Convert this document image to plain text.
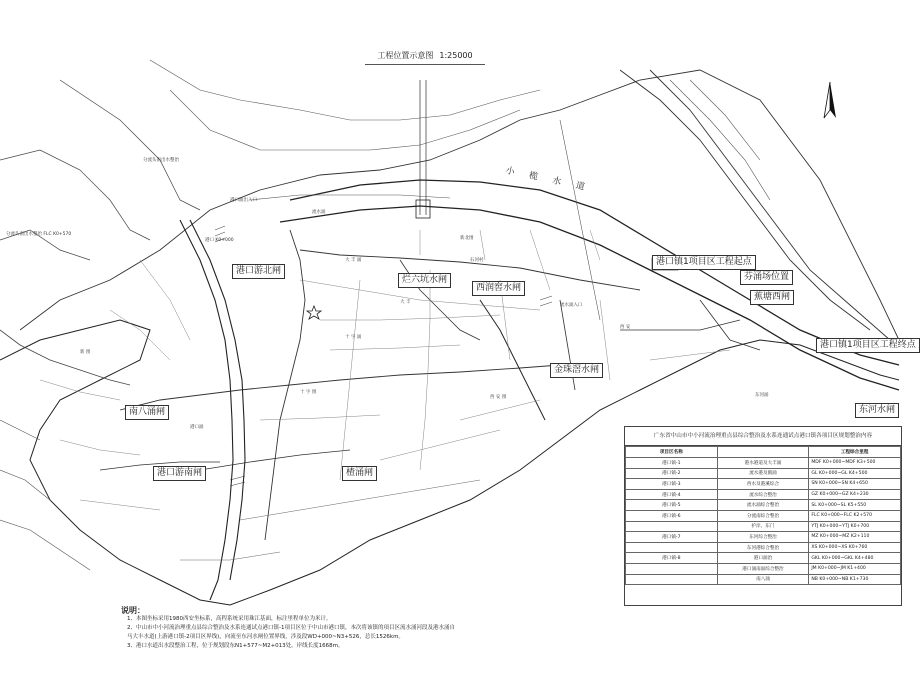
工程位置示意图 1:25000
小 榄 水 道
港口游北闸
烂六坑水闸
西润窖水闸
金珠滘水闸
南八涌闸
港口游南闸	楂涌闸
蕉塘西闸
东河水闸
芬涌场位置
港口镇1项目区工程起点
港口镇1项目区工程终点
分流头南出水整治
港口涌出入口
分流头南出水整治 FLC K0+570
港口 K0+000
流水涌
新北围
石河村
大 丰 涌
十 字 涌
西 安
东河涌
流水涌入口
港口涌
大 丰
十 字 围
新 围
西 安 围
广东省中山市中小河流治理重点县综合整治及水系连通试点港口镇各项目区规划整治内容
项目区名称		工程综合里程
港口镇-1	港水港道及大丰涌	MDF K0+000~MDF K3+500
港口镇-2	流水港及鹤涌	GL K0+000~GL K4+500
港口镇-3	西水及港溪综合	SN K0+000~SN K4+650
港口镇-4	流水综合整治	GZ K0+000~GZ K4+230
港口镇-5	流水涌综合整治	SL K0+000~SL K5+550
港口镇-6	分流南综合整治	FLC K0+000~FLC K2+570
	护岸、东门	YTJ K0+000~YTJ K0+700
港口镇-7	东河综合整治	MZ K0+000~MZ K2+110
	东河港综合整治	XS K0+000~XS K0+760
港口镇-8	港口涌治	GKL K0+000~GKL K4+480
	港口涌南面综合整治	JM K0+000~JM K1+400
	南八涌	NB K0+000~NB K1+730
说明：

1、本图坐标采用1980西安坐标系，高程系统采用珠江基面，标注里程单位为米计。

2、中山市中小河流治理重点县综合整治及水系连通试点港口镇-1项目区位于中山市港口镇，本次将该镇的项目区流水涌河段及港水涌自

马大丰水道(上游港口镇-2项目区界线)，向流至东河水闸位置界线，涉及段WD+000~N3+526，总长1526km。

3、港口水道出水段整治工程，位于规划段东N1+577~M2+013处，岸线长度1668m。
